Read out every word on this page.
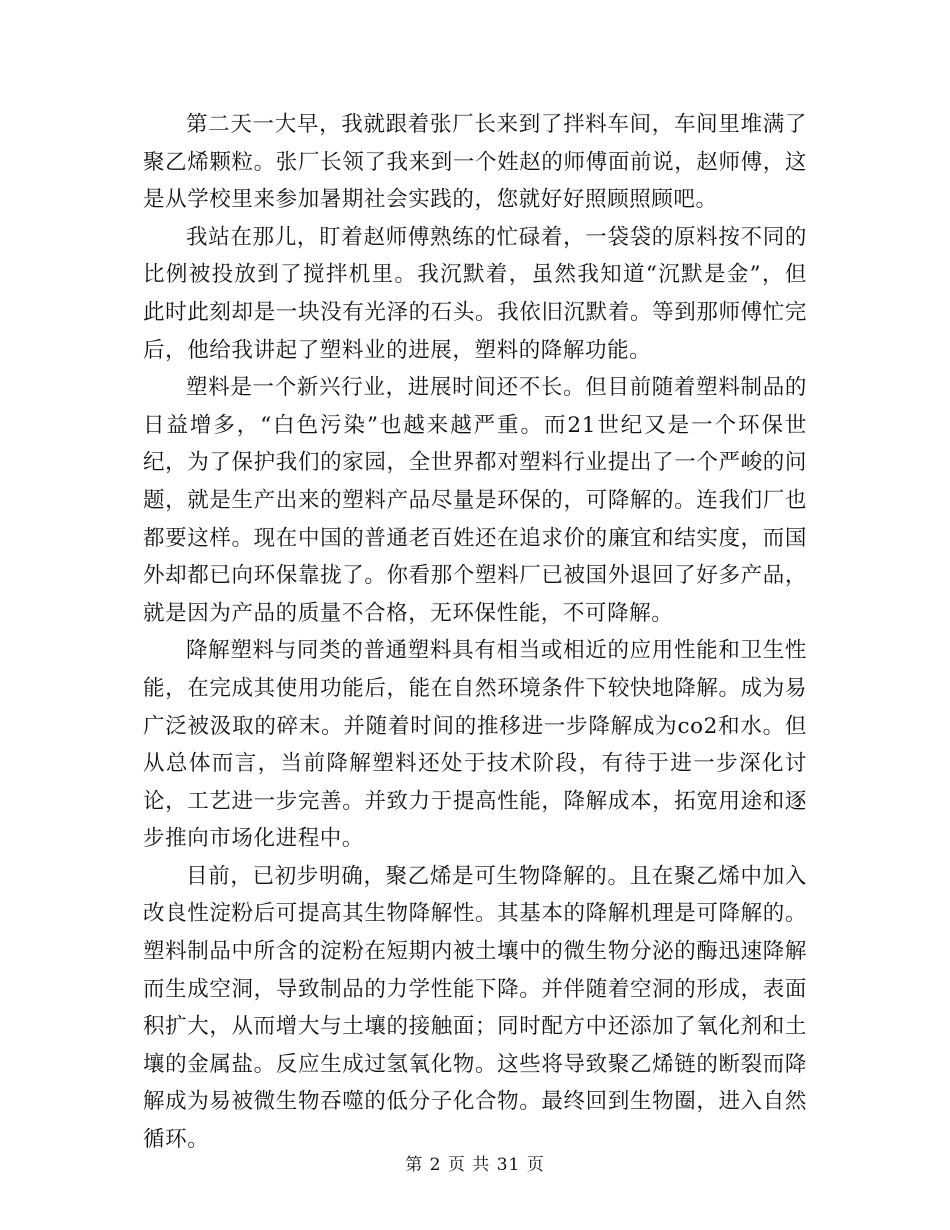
第二天一大早，我就跟着张厂长来到了拌料车间，车间里堆满了聚乙烯颗粒。张厂长领了我来到一个姓赵的师傅面前说，赵师傅，这是从学校里来参加暑期社会实践的，您就好好照顾照顾吧。

我站在那儿，盯着赵师傅熟练的忙碌着，一袋袋的原料按不同的比例被投放到了搅拌机里。我沉默着，虽然我知道“沉默是金”，但此时此刻却是一块没有光泽的石头。我依旧沉默着。等到那师傅忙完后，他给我讲起了塑料业的进展，塑料的降解功能。

塑料是一个新兴行业，进展时间还不长。但目前随着塑料制品的日益增多，“白色污染”也越来越严重。而21世纪又是一个环保世纪，为了保护我们的家园，全世界都对塑料行业提出了一个严峻的问题，就是生产出来的塑料产品尽量是环保的，可降解的。连我们厂也都要这样。现在中国的普通老百姓还在追求价的廉宜和结实度，而国外却都已向环保靠拢了。你看那个塑料厂已被国外退回了好多产品，就是因为产品的质量不合格，无环保性能，不可降解。

降解塑料与同类的普通塑料具有相当或相近的应用性能和卫生性能，在完成其使用功能后，能在自然环境条件下较快地降解。成为易广泛被汲取的碎末。并随着时间的推移进一步降解成为co2和水。但从总体而言，当前降解塑料还处于技术阶段，有待于进一步深化讨论，工艺进一步完善。并致力于提高性能，降解成本，拓宽用途和逐步推向市场化进程中。

目前，已初步明确，聚乙烯是可生物降解的。且在聚乙烯中加入改良性淀粉后可提高其生物降解性。其基本的降解机理是可降解的。塑料制品中所含的淀粉在短期内被土壤中的微生物分泌的酶迅速降解而生成空洞，导致制品的力学性能下降。并伴随着空洞的形成，表面积扩大，从而增大与土壤的接触面；同时配方中还添加了氧化剂和土壤的金属盐。反应生成过氢氧化物。这些将导致聚乙烯链的断裂而降解成为易被微生物吞噬的低分子化合物。最终回到生物圈，进入自然循环。

第 2 页 共 31 页
